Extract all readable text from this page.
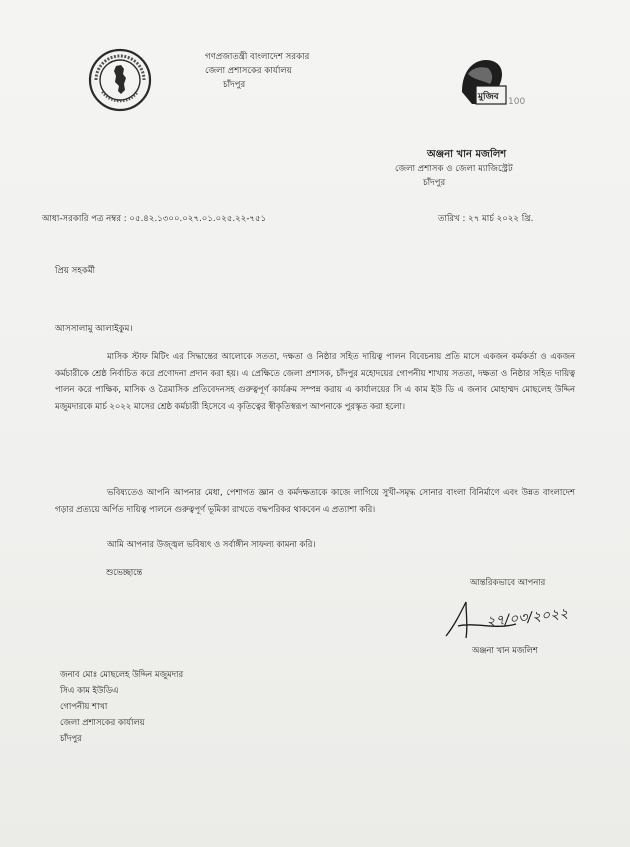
গণপ্রজাতন্ত্রী বাংলাদেশ সরকার
জেলা প্রশাসকের কার্যালয়
চাঁদপুর
মুজিব 100
অঞ্জনা খান মজলিশ
জেলা প্রশাসক ও জেলা ম্যাজিস্ট্রেট
চাঁদপুর
আধা-সরকারি পত্র নম্বর : ০৫.৪২.১৩০০.০২৭.০১.০২৫.২২-৭৫১	তারিখ : ২৭ মার্চ ২০২২ খ্রি.
প্রিয় সহকর্মী
আসসালামু আলাইকুম।
মাসিক স্টাফ মিটিং এর সিদ্ধান্তের আলোকে সততা, দক্ষতা ও নিষ্ঠার সহিত দায়িত্ব পালন বিবেচনায় প্রতি মাসে একজন কর্মকর্তা ও একজন কর্মচারীকে শ্রেষ্ঠ নির্বাচিত করে প্রণোদনা প্রদান করা হয়। এ প্রেক্ষিতে জেলা প্রশাসক, চাঁদপুর মহোদয়ের গোপনীয় শাখায় সততা, দক্ষতা ও নিষ্ঠার সহিত দায়িত্ব পালন করে পাক্ষিক, মাসিক ও ত্রৈমাসিক প্রতিবেদনসহ গুরুত্বপূর্ণ কার্যক্রম সম্পন্ন করায় এ কার্যালয়ের সি এ কাম ইউ ডি এ জনাব মোহাম্মদ মোছলেহ উদ্দিন মজুমদারকে মার্চ ২০২২ মাসের শ্রেষ্ঠ কর্মচারী হিসেবে এ কৃতিত্বের স্বীকৃতিস্বরূপ আপনাকে পুরস্কৃত করা হলো।
ভবিষ্যতেও আপনি আপনার মেধা, পেশাগত জ্ঞান ও কর্মদক্ষতাকে কাজে লাগিয়ে সুখী-সমৃদ্ধ সোনার বাংলা বিনির্মাণে এবং উন্নত বাংলাদেশ গড়ার প্রত্যয়ে অর্পিত দায়িত্ব পালনে গুরুত্বপূর্ণ ভূমিকা রাখতে বদ্ধপরিকর থাকবেন এ প্রত্যাশা করি।
আমি আপনার উজ্জ্বল ভবিষ্যৎ ও সর্বাঙ্গীন সাফল্য কামনা করি।
শুভেচ্ছান্তে
আন্তরিকভাবে আপনার
২৭/০৩/২০২২
অঞ্জনা খান মজলিশ
জনাব মোঃ মোছলেহ উদ্দিন মজুমদার
সিএ কাম ইউডিএ
গোপনীয় শাখা
জেলা প্রশাসকের কার্যালয়
চাঁদপুর
